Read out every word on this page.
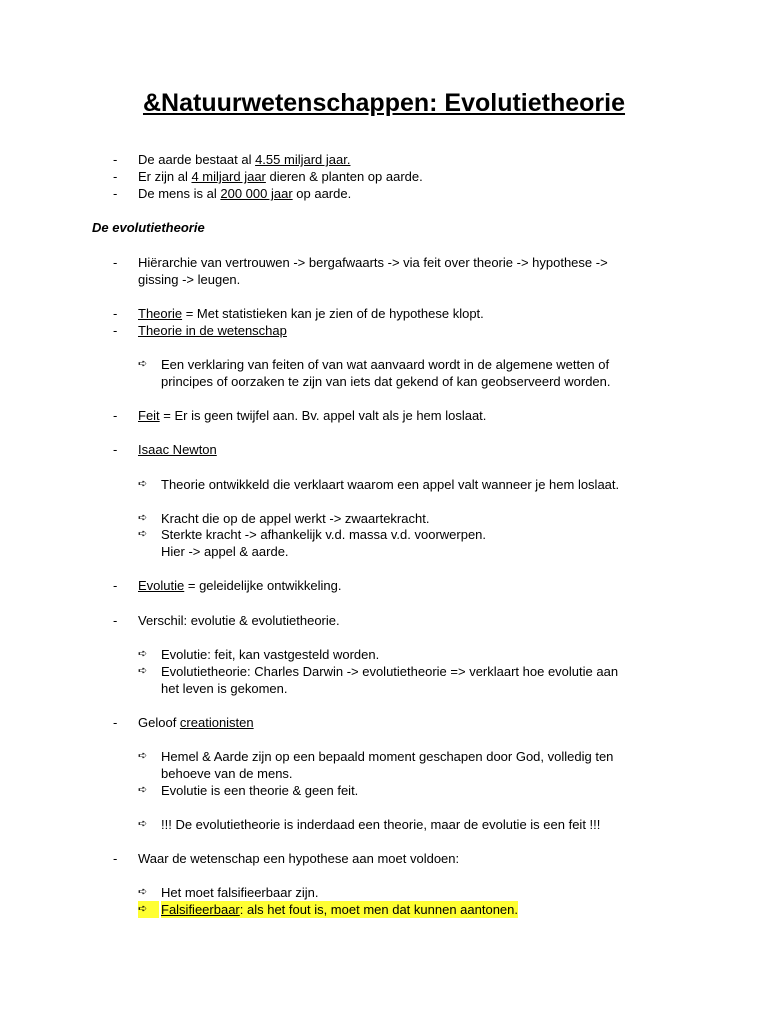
&Natuurwetenschappen: Evolutietheorie
- De aarde bestaat al 4.55 miljard jaar.
- Er zijn al 4 miljard jaar dieren & planten op aarde.
- De mens is al 200 000 jaar op aarde.
De evolutietheorie
- Hiërarchie van vertrouwen -> bergafwaarts -> via feit over theorie -> hypothese ->
gissing -> leugen.
- Theorie = Met statistieken kan je zien of de hypothese klopt.
- Theorie in de wetenschap
➪ Een verklaring van feiten of van wat aanvaard wordt in de algemene wetten of
principes of oorzaken te zijn van iets dat gekend of kan geobserveerd worden.
- Feit = Er is geen twijfel aan. Bv. appel valt als je hem loslaat.
- Isaac Newton
➪ Theorie ontwikkeld die verklaart waarom een appel valt wanneer je hem loslaat.
➪ Kracht die op de appel werkt -> zwaartekracht.
➪ Sterkte kracht -> afhankelijk v.d. massa v.d. voorwerpen.
Hier -> appel & aarde.
- Evolutie = geleidelijke ontwikkeling.
- Verschil: evolutie & evolutietheorie.
➪ Evolutie: feit, kan vastgesteld worden.
➪ Evolutietheorie: Charles Darwin -> evolutietheorie => verklaart hoe evolutie aan
het leven is gekomen.
- Geloof creationisten
➪ Hemel & Aarde zijn op een bepaald moment geschapen door God, volledig ten
behoeve van de mens.
➪ Evolutie is een theorie & geen feit.
➪ !!! De evolutietheorie is inderdaad een theorie, maar de evolutie is een feit !!!
- Waar de wetenschap een hypothese aan moet voldoen:
➪ Het moet falsifieerbaar zijn.
➪	Falsifieerbaar: als het fout is, moet men dat kunnen aantonen.
